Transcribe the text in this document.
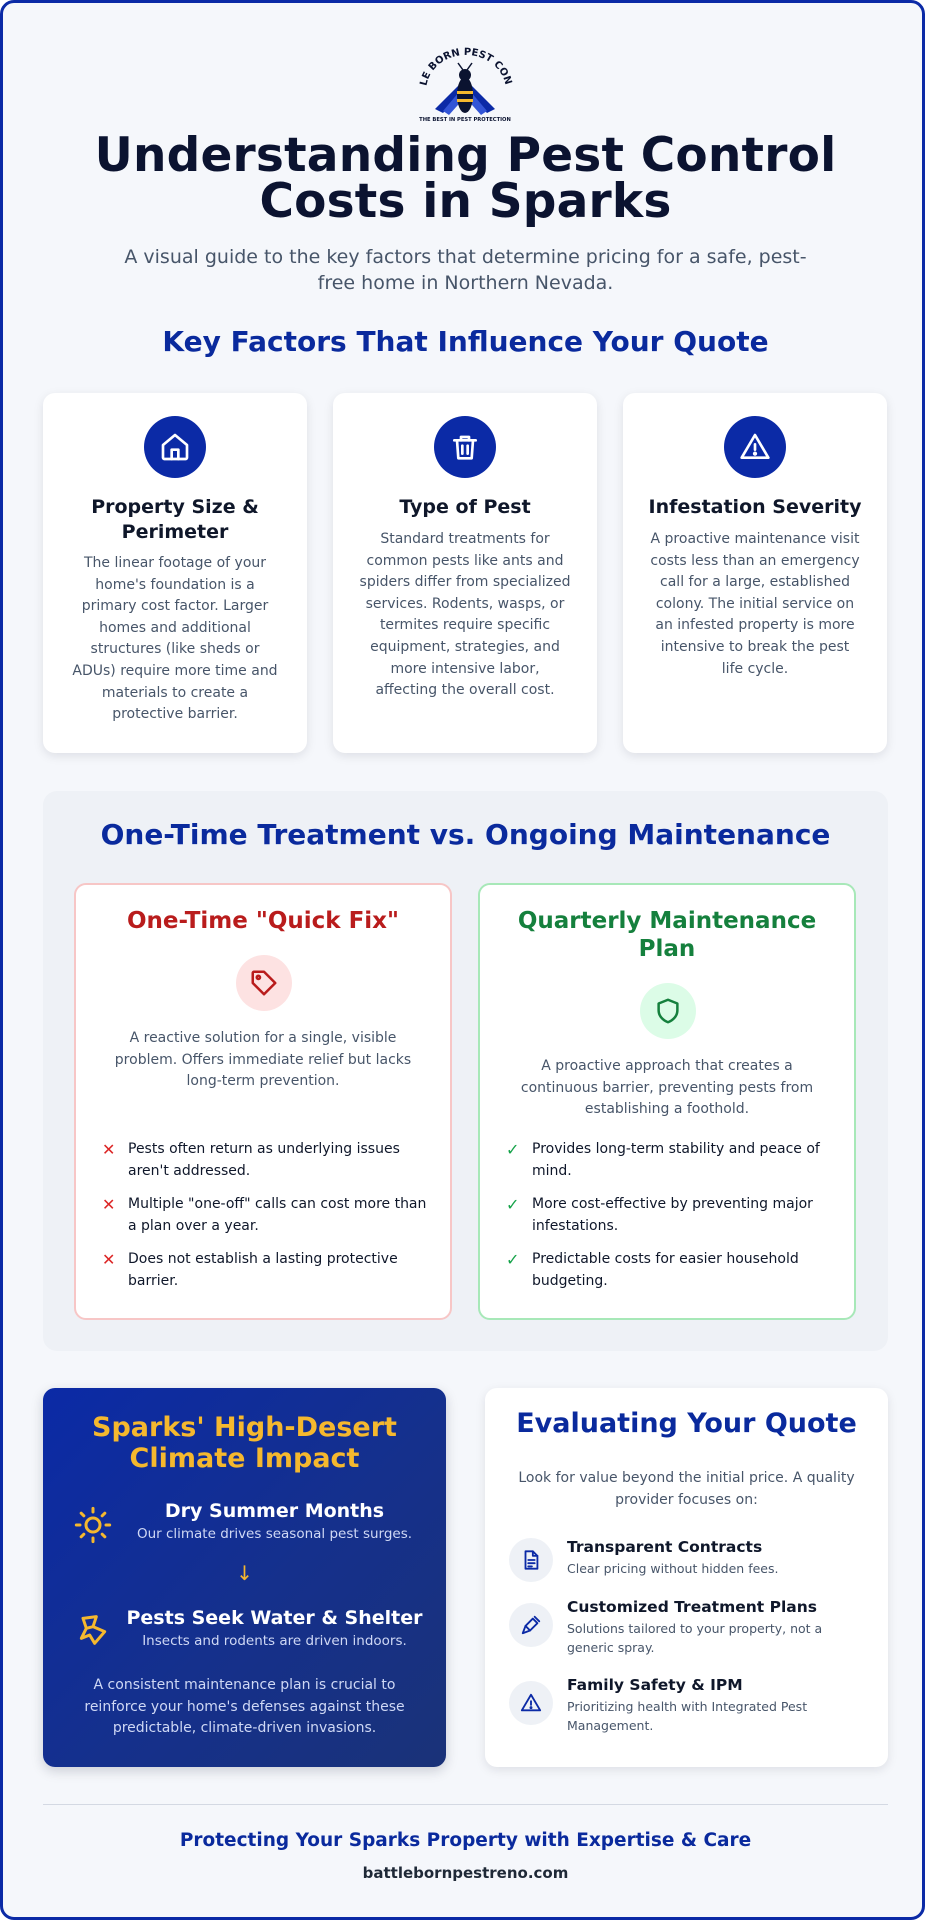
LE BORN PEST CON
THE BEST IN PEST PROTECTION
Understanding Pest Control
Costs in Sparks

A visual guide to the key factors that determine pricing for a safe, pest-free home in Northern Nevada.

Key Factors That Influence Your Quote
Property Size & Perimeter

The linear footage of your home's foundation is a primary cost factor. Larger homes and additional structures (like sheds or ADUs) require more time and materials to create a protective barrier.

Type of Pest

Standard treatments for common pests like ants and spiders differ from specialized services. Rodents, wasps, or termites require specific equipment, strategies, and more intensive labor, affecting the overall cost.

Infestation Severity

A proactive maintenance visit costs less than an emergency call for a large, established colony. The initial service on an infested property is more intensive to break the pest life cycle.

One-Time Treatment vs. Ongoing Maintenance
One-Time "Quick Fix"

A reactive solution for a single, visible problem. Offers immediate relief but lacks long-term prevention.

✕ Pests often return as underlying issues aren't addressed.
✕ Multiple "one-off" calls can cost more than a plan over a year.
✕ Does not establish a lasting protective barrier.
Quarterly Maintenance Plan

A proactive approach that creates a continuous barrier, preventing pests from establishing a foothold.

✓ Provides long-term stability and peace of mind.
✓ More cost-effective by preventing major infestations.
✓ Predictable costs for easier household budgeting.
Sparks' High-Desert Climate Impact
Dry Summer Months
Our climate drives seasonal pest surges.
↓
Pests Seek Water & Shelter
Insects and rodents are driven indoors.

A consistent maintenance plan is crucial to reinforce your home's defenses against these predictable, climate-driven invasions.

Evaluating Your Quote

Look for value beyond the initial price. A quality provider focuses on:

Transparent Contracts
Clear pricing without hidden fees.
Customized Treatment Plans
Solutions tailored to your property, not a generic spray.
Family Safety & IPM
Prioritizing health with Integrated Pest Management.
Protecting Your Sparks Property with Expertise & Care
battlebornpestreno.com
